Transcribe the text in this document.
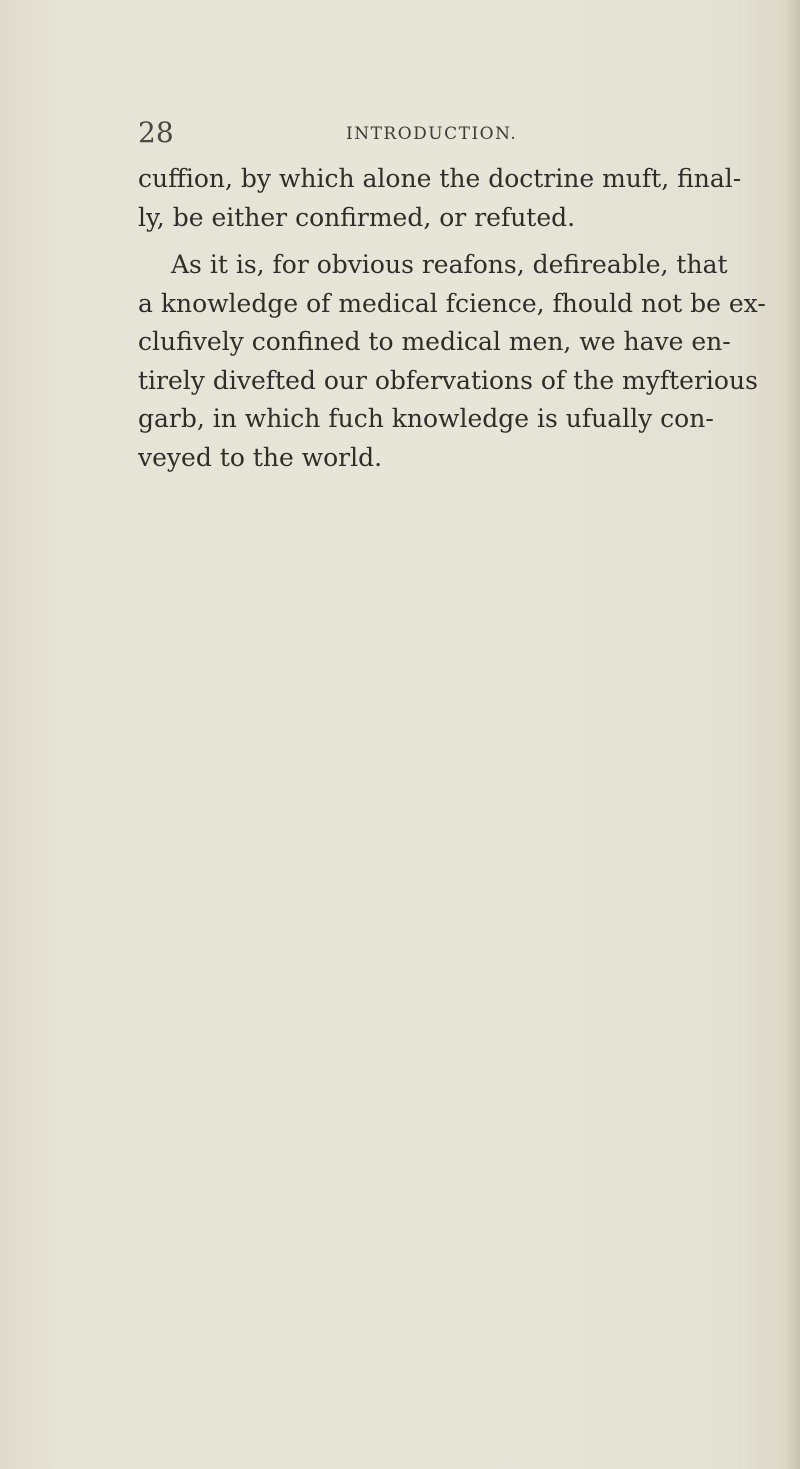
28	INTRODUCTION.
cuffion, by which alone the doctrine muft, final-
ly, be either confirmed, or refuted.
As it is, for obvious reafons, defireable, that
a knowledge of medical fcience, fhould not be ex-
clufively confined to medical men, we have en-
tirely divefted our obfervations of the myfterious
garb, in which fuch knowledge is ufually con-
veyed to the world.
